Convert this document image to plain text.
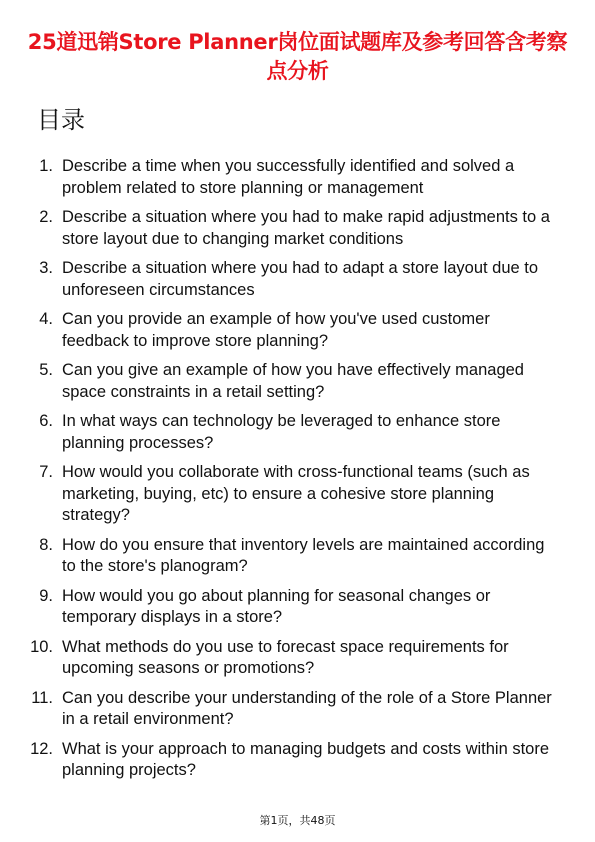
25道迅销Store Planner岗位面试题库及参考回答含考察点分析
目录
1. Describe a time when you successfully identified and solved a problem related to store planning or management
2. Describe a situation where you had to make rapid adjustments to a store layout due to changing market conditions
3. Describe a situation where you had to adapt a store layout due to unforeseen circumstances
4. Can you provide an example of how you've used customer feedback to improve store planning?
5. Can you give an example of how you have effectively managed space constraints in a retail setting?
6. In what ways can technology be leveraged to enhance store planning processes?
7. How would you collaborate with cross-functional teams (such as marketing, buying, etc) to ensure a cohesive store planning strategy?
8. How do you ensure that inventory levels are maintained according to the store's planogram?
9. How would you go about planning for seasonal changes or temporary displays in a store?
10. What methods do you use to forecast space requirements for upcoming seasons or promotions?
11. Can you describe your understanding of the role of a Store Planner in a retail environment?
12. What is your approach to managing budgets and costs within store planning projects?
第1页，共48页
